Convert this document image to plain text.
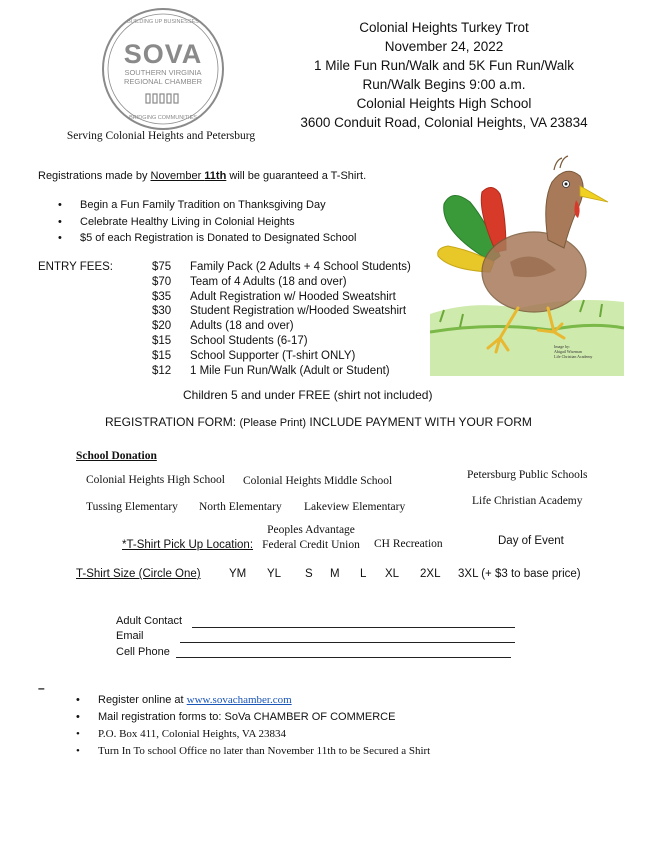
BUILDING UP BUSINESSES
SOVA
SOUTHERN VIRGINIA
REGIONAL CHAMBER
BRIDGING COMMUNITIES
Serving Colonial Heights and Petersburg
Colonial Heights Turkey Trot
November 24, 2022
1 Mile Fun Run/Walk and 5K Fun Run/Walk
Run/Walk Begins 9:00 a.m.
Colonial Heights High School
3600 Conduit Road, Colonial Heights, VA 23834
Registrations made by November 11th will be guaranteed a T-Shirt.
• Begin a Fun Family Tradition on Thanksgiving Day
• Celebrate Healthy Living in Colonial Heights
• $5 of each Registration is Donated to Designated School
ENTRY FEES:	$75 Family Pack (2 Adults + 4 School Students)
$70 Team of 4 Adults (18 and over)
$35 Adult Registration w/ Hooded Sweatshirt
$30 Student Registration w/Hooded Sweatshirt
$20 Adults (18 and over)
$15 School Students (6-17)
$15 School Supporter (T-shirt ONLY)
$12 1 Mile Fun Run/Walk (Adult or Student)
Children 5 and under FREE (shirt not included)
REGISTRATION FORM: (Please Print) INCLUDE PAYMENT WITH YOUR FORM
School Donation
Colonial Heights High School Colonial Heights Middle School	Petersburg Public Schools
Tussing Elementary North Elementary Lakeview Elementary	Life Christian Academy
*T-Shirt Pick Up Location:
Peoples Advantage Federal Credit Union CH Recreation	Day of Event
T-Shirt Size (Circle One) YM YL S M L XL 2XL 3XL (+ $3 to base price)
Adult Contact
Email
Cell Phone
–
• Register online at www.sovachamber.com
• Mail registration forms to: SoVa CHAMBER OF COMMERCE
• P.O. Box 411, Colonial Heights, VA 23834
• Turn In To school Office no later than November 11th to be Secured a Shirt
Image by:
Abigail Wiseman
Life Christian Academy
